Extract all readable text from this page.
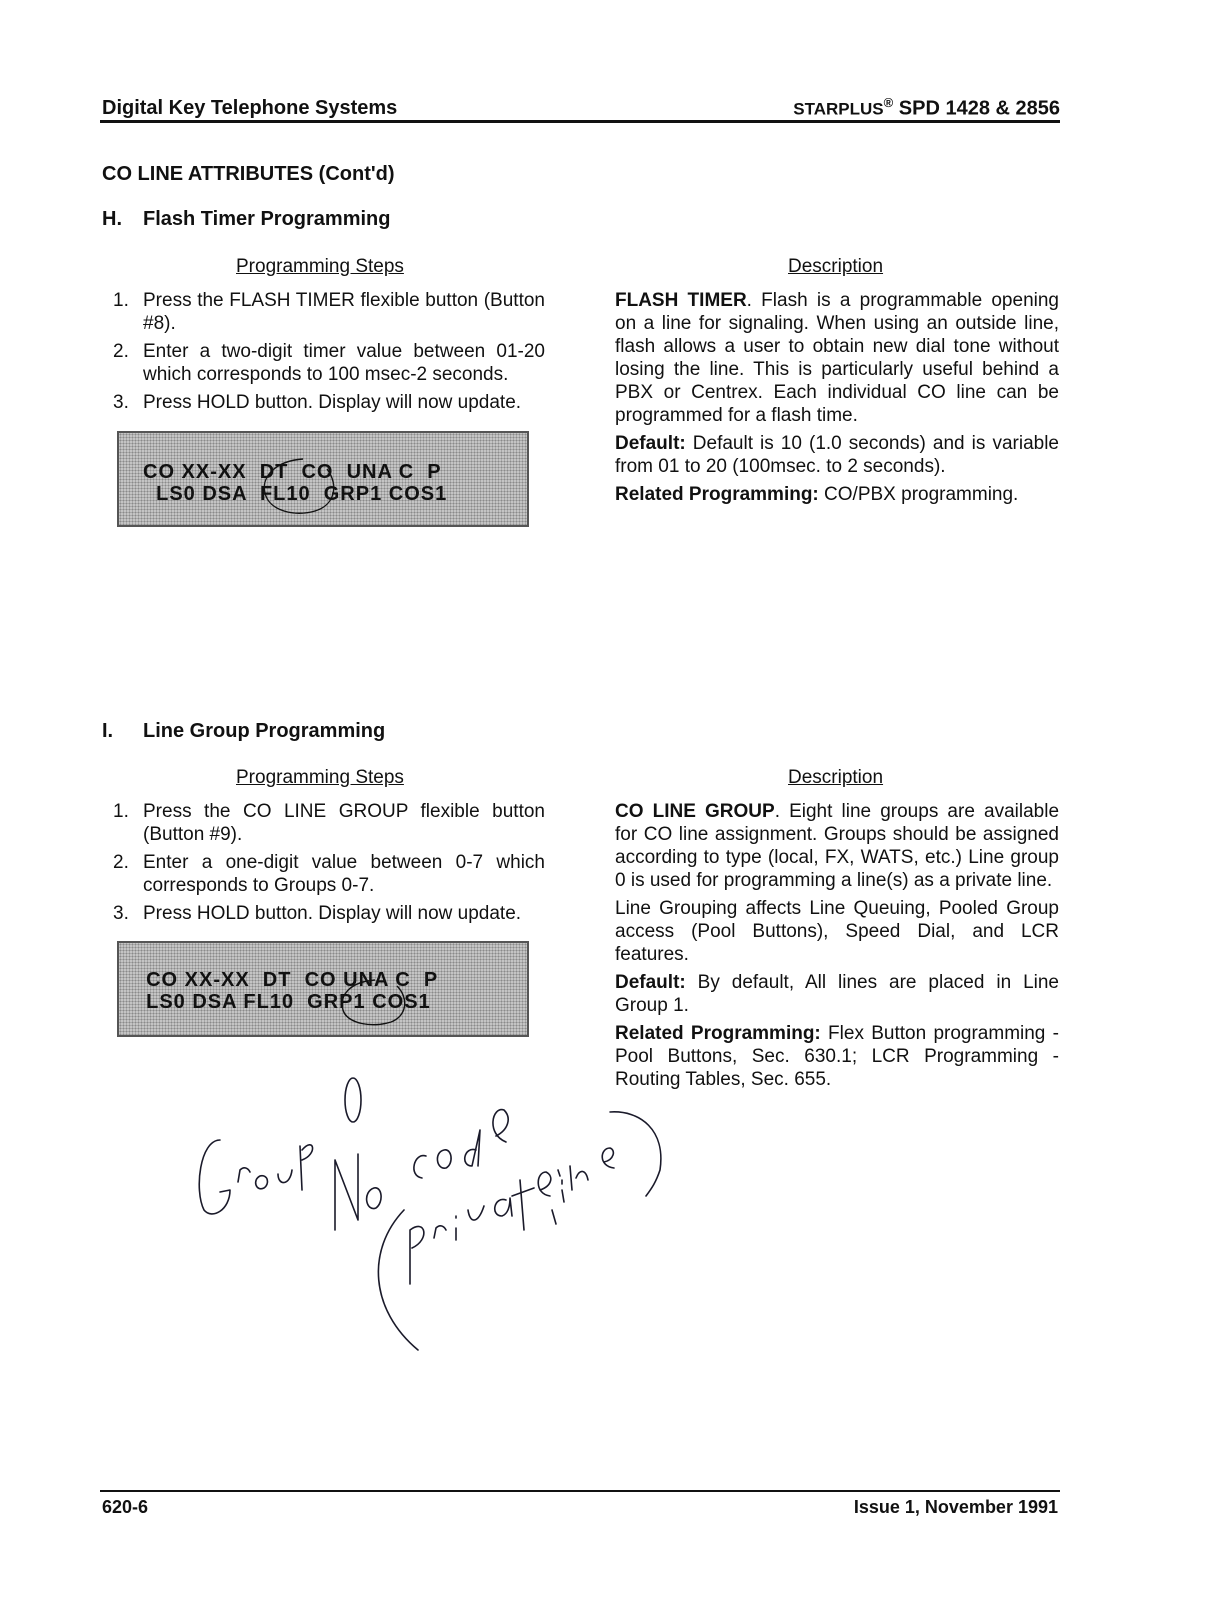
Digital Key Telephone Systems	STARPLUS® SPD 1428 & 2856
CO LINE ATTRIBUTES (Cont'd)
H. Flash Timer Programming
Programming Steps	Description
1. Press the FLASH TIMER flexible button (Button #8).
2. Enter a two-digit timer value between 01-20 which corresponds to 100 msec-2 seconds.
3. Press HOLD button. Display will now update.
CO XX-XX  DT  CO  UNA C  P
LS0 DSA  FL10  GRP1 COS1

FLASH TIMER. Flash is a programmable opening on a line for signaling. When using an outside line, flash allows a user to obtain new dial tone without losing the line. This is particularly useful behind a PBX or Centrex. Each individual CO line can be programmed for a flash time.

Default: Default is 10 (1.0 seconds) and is variable from 01 to 20 (100msec. to 2 seconds).

Related Programming: CO/PBX programming.

I. Line Group Programming
Programming Steps	Description
1. Press the CO LINE GROUP flexible button (Button #9).
2. Enter a one-digit value between 0-7 which corresponds to Groups 0-7.
3. Press HOLD button. Display will now update.
CO XX-XX  DT  CO UNA C  P
LS0 DSA FL10  GRP1 COS1

CO LINE GROUP. Eight line groups are available for CO line assignment. Groups should be assigned according to type (local, FX, WATS, etc.) Line group 0 is used for programming a line(s) as a private line.

Line Grouping affects Line Queuing, Pooled Group access (Pool Buttons), Speed Dial, and LCR features.

Default: By default, All lines are placed in Line Group 1.

Related Programming: Flex Button programming - Pool Buttons, Sec. 630.1; LCR Programming - Routing Tables, Sec. 655.

620-6	Issue 1, November 1991
